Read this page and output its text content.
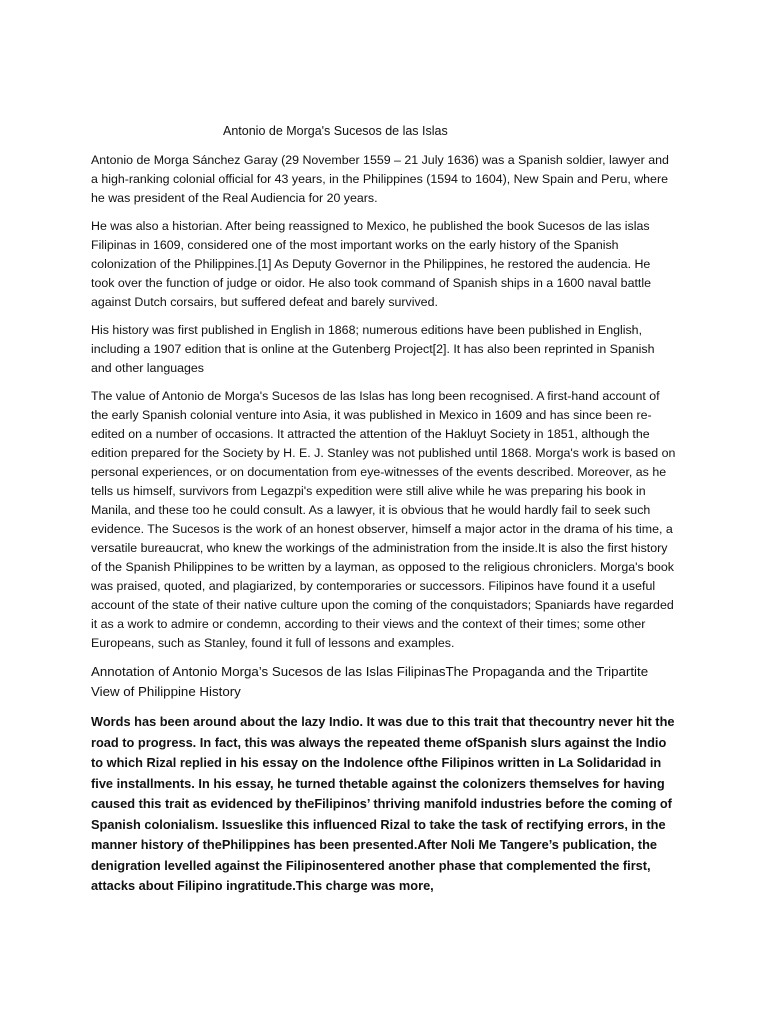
Antonio de Morga's Sucesos de las Islas

Antonio de Morga Sánchez Garay (29 November 1559 – 21 July 1636) was a Spanish soldier, lawyer and a high-ranking colonial official for 43 years, in the Philippines (1594 to 1604), New Spain and Peru, where he was president of the Real Audiencia for 20 years.

He was also a historian. After being reassigned to Mexico, he published the book Sucesos de las islas Filipinas in 1609, considered one of the most important works on the early history of the Spanish colonization of the Philippines.[1] As Deputy Governor in the Philippines, he restored the audencia. He took over the function of judge or oidor. He also took command of Spanish ships in a 1600 naval battle against Dutch corsairs, but suffered defeat and barely survived.

His history was first published in English in 1868; numerous editions have been published in English, including a 1907 edition that is online at the Gutenberg Project[2]. It has also been reprinted in Spanish and other languages

The value of Antonio de Morga's Sucesos de las Islas has long been recognised. A first-hand account of the early Spanish colonial venture into Asia, it was published in Mexico in 1609 and has since been re-edited on a number of occasions. It attracted the attention of the Hakluyt Society in 1851, although the edition prepared for the Society by H. E. J. Stanley was not published until 1868. Morga's work is based on personal experiences, or on documentation from eye-witnesses of the events described. Moreover, as he tells us himself, survivors from Legazpi's expedition were still alive while he was preparing his book in Manila, and these too he could consult. As a lawyer, it is obvious that he would hardly fail to seek such evidence. The Sucesos is the work of an honest observer, himself a major actor in the drama of his time, a versatile bureaucrat, who knew the workings of the administration from the inside.It is also the first history of the Spanish Philippines to be written by a layman, as opposed to the religious chroniclers. Morga's book was praised, quoted, and plagiarized, by contemporaries or successors. Filipinos have found it a useful account of the state of their native culture upon the coming of the conquistadors; Spaniards have regarded it as a work to admire or condemn, according to their views and the context of their times; some other Europeans, such as Stanley, found it full of lessons and examples.

Annotation of Antonio Morga’s Sucesos de las Islas FilipinasThe Propaganda and the Tripartite View of Philippine History

Words has been around about the lazy Indio. It was due to this trait that thecountry never hit the road to progress. In fact, this was always the repeated theme ofSpanish slurs against the Indio to which Rizal replied in his essay on the Indolence ofthe Filipinos written in La Solidaridad in five installments. In his essay, he turned thetable against the colonizers themselves for having caused this trait as evidenced by theFilipinos’ thriving manifold industries before the coming of Spanish colonialism. Issueslike this influenced Rizal to take the task of rectifying errors, in the manner history of thePhilippines has been presented.After Noli Me Tangere’s publication, the denigration levelled against the Filipinosentered another phase that complemented the first, attacks about Filipino ingratitude.This charge was more,
